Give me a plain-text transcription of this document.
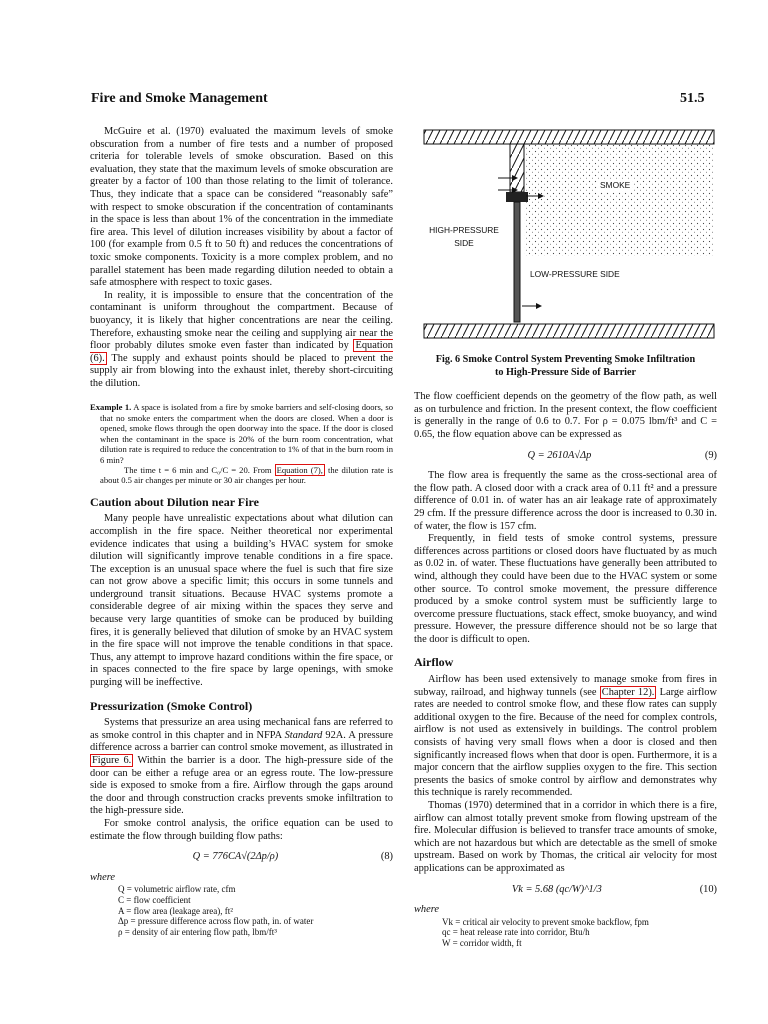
Fire and Smoke Management	51.5

McGuire et al. (1970) evaluated the maximum levels of smoke obscuration from a number of fire tests and a number of proposed criteria for tolerable levels of smoke obscuration. Based on this evaluation, they state that the maximum levels of smoke obscuration are greater by a factor of 100 than those relating to the limit of tolerance. Thus, they indicate that a space can be considered “reasonably safe” with respect to smoke obscuration if the concentration of contaminants in the space is less than about 1% of the concentration in the immediate fire area. This level of dilution increases visibility by about a factor of 100 (for example from 0.5 ft to 50 ft) and reduces the concentrations of toxic smoke components. Toxicity is a more complex problem, and no parallel statement has been made regarding dilution needed to obtain a safe atmosphere with respect to toxic gases.

In reality, it is impossible to ensure that the concentration of the contaminant is uniform throughout the compartment. Because of buoyancy, it is likely that higher concentrations are near the ceiling. Therefore, exhausting smoke near the ceiling and supplying air near the floor probably dilutes smoke even faster than indicated by Equation (6). The supply and exhaust points should be placed to prevent the supply air from blowing into the exhaust inlet, thereby short-circuiting the dilution.

Example 1. A space is isolated from a fire by smoke barriers and self-closing doors, so that no smoke enters the compartment when the doors are closed. When a door is opened, smoke flows through the open doorway into the space. If the door is closed when the contaminant in the space is 20% of the burn room concentration, what dilution rate is required to reduce the concentration to 1% of that in the burn room in 6 min?
The time t = 6 min and C₀/C = 20. From Equation (7), the dilution rate is about 0.5 air changes per minute or 30 air changes per hour.
Caution about Dilution near Fire

Many people have unrealistic expectations about what dilution can accomplish in the fire space. Neither theoretical nor experimental evidence indicates that using a building’s HVAC system for smoke dilution will significantly improve tenable conditions in a fire space. The exception is an unusual space where the fuel is such that fire size can not grow above a specific limit; this occurs in some tunnels and underground transit situations. Because HVAC systems promote a considerable degree of air mixing within the spaces they serve and because very large quantities of smoke can be produced by building fires, it is generally believed that dilution of smoke by an HVAC system in the fire space will not improve the tenable conditions in that space. Thus, any attempt to improve hazard conditions within the fire space, or in spaces connected to the fire space by large openings, with smoke purging will be ineffective.

Pressurization (Smoke Control)

Systems that pressurize an area using mechanical fans are referred to as smoke control in this chapter and in NFPA Standard 92A. A pressure difference across a barrier can control smoke movement, as illustrated in Figure 6. Within the barrier is a door. The high-pressure side of the door can be either a refuge area or an egress route. The low-pressure side is exposed to smoke from a fire. Airflow through the gaps around the door and through construction cracks prevents smoke infiltration to the high-pressure side.

For smoke control analysis, the orifice equation can be used to estimate the flow through building flow paths:

Q = 776CA√(2Δp/ρ)	(8)
where
Q = volumetric airflow rate, cfm
C = flow coefficient
A = flow area (leakage area), ft²
Δp = pressure difference across flow path, in. of water
ρ = density of air entering flow path, lbm/ft³
SMOKE
HIGH-PRESSURE
SIDE
LOW-PRESSURE SIDE
Fig. 6 Smoke Control System Preventing Smoke Infiltration
to High-Pressure Side of Barrier

The flow coefficient depends on the geometry of the flow path, as well as on turbulence and friction. In the present context, the flow coefficient is generally in the range of 0.6 to 0.7. For ρ = 0.075 lbm/ft³ and C = 0.65, the flow equation above can be expressed as

Q = 2610A√Δp	(9)

The flow area is frequently the same as the cross-sectional area of the flow path. A closed door with a crack area of 0.11 ft² and a pressure difference of 0.01 in. of water has an air leakage rate of approximately 29 cfm. If the pressure difference across the door is increased to 0.30 in. of water, the flow is 157 cfm.

Frequently, in field tests of smoke control systems, pressure differences across partitions or closed doors have fluctuated by as much as 0.02 in. of water. These fluctuations have generally been attributed to wind, although they could have been due to the HVAC system or some other source. To control smoke movement, the pressure difference produced by a smoke control system must be sufficiently large to overcome pressure fluctuations, stack effect, smoke buoyancy, and wind pressure. However, the pressure difference should not be so large that the door is difficult to open.

Airflow

Airflow has been used extensively to manage smoke from fires in subway, railroad, and highway tunnels (see Chapter 12). Large airflow rates are needed to control smoke flow, and these flow rates can supply additional oxygen to the fire. Because of the need for complex controls, airflow is not used as extensively in buildings. The control problem consists of having very small flows when a door is closed and then significantly increased flows when that door is open. Furthermore, it is a major concern that the airflow supplies oxygen to the fire. This section presents the basics of smoke control by airflow and demonstrates why this technique is rarely recommended.

Thomas (1970) determined that in a corridor in which there is a fire, airflow can almost totally prevent smoke from flowing upstream of the fire. Molecular diffusion is believed to transfer trace amounts of smoke, which are not hazardous but which are detectable as the smell of smoke upstream. Based on work by Thomas, the critical air velocity for most applications can be approximated as

Vk = 5.68 (qc/W)^1/3	(10)
where
Vk = critical air velocity to prevent smoke backflow, fpm
qc = heat release rate into corridor, Btu/h
W = corridor width, ft
